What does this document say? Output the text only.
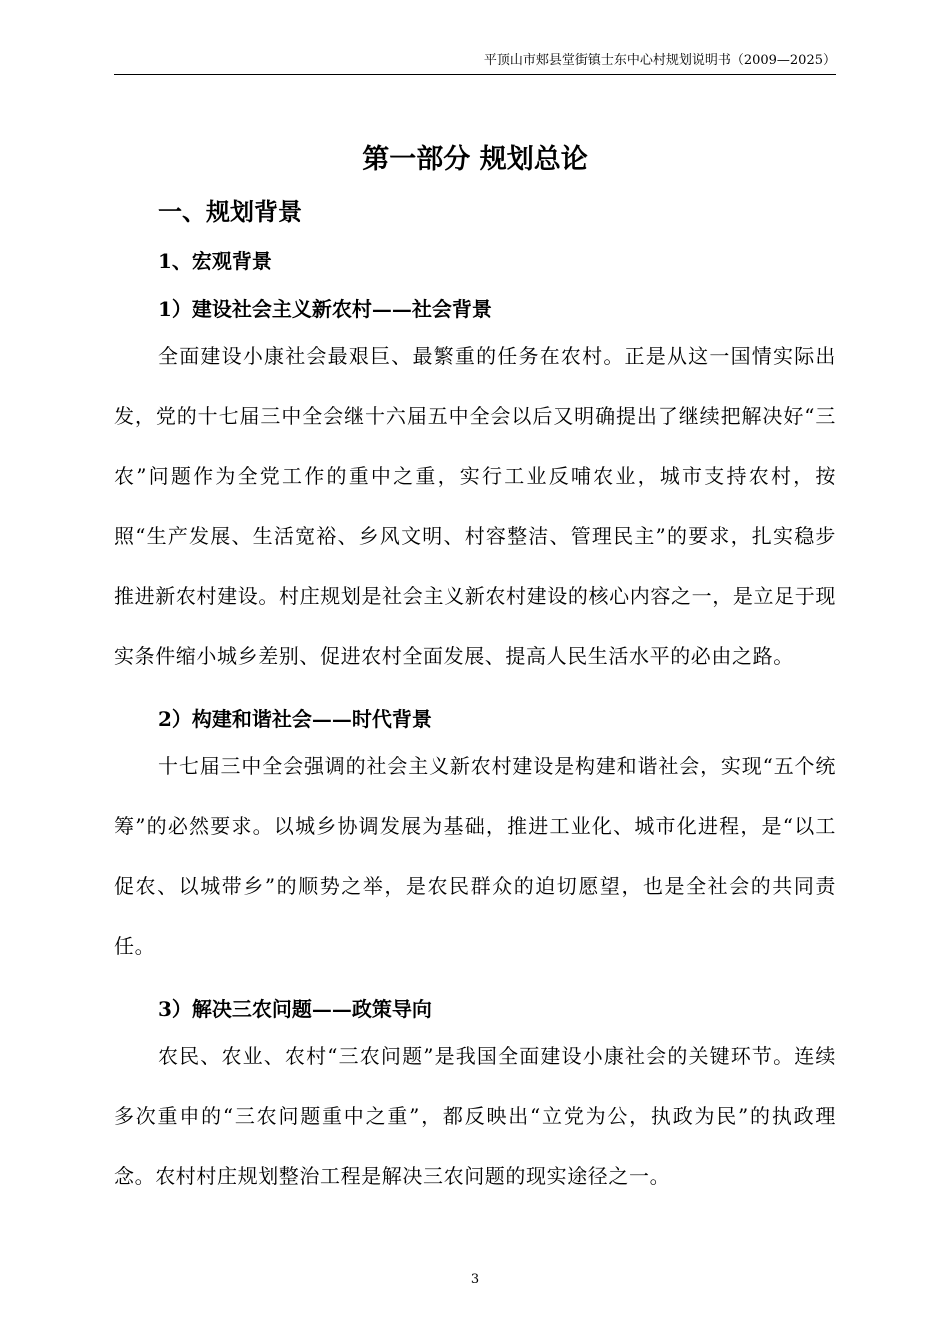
平顶山市郏县堂街镇士东中心村规划说明书（2009—2025）
第一部分 规划总论
一、规划背景
1、宏观背景
1）建设社会主义新农村——社会背景

全面建设小康社会最艰巨、最繁重的任务在农村。正是从这一国情实际出发，党的十七届三中全会继十六届五中全会以后又明确提出了继续把解决好“三农”问题作为全党工作的重中之重，实行工业反哺农业，城市支持农村，按照“生产发展、生活宽裕、乡风文明、村容整洁、管理民主”的要求，扎实稳步推进新农村建设。村庄规划是社会主义新农村建设的核心内容之一，是立足于现实条件缩小城乡差别、促进农村全面发展、提高人民生活水平的必由之路。

2）构建和谐社会——时代背景

十七届三中全会强调的社会主义新农村建设是构建和谐社会，实现“五个统筹”的必然要求。以城乡协调发展为基础，推进工业化、城市化进程，是“以工促农、以城带乡”的顺势之举，是农民群众的迫切愿望，也是全社会的共同责任。

3）解决三农问题——政策导向

农民、农业、农村“三农问题”是我国全面建设小康社会的关键环节。连续多次重申的“三农问题重中之重”，都反映出“立党为公，执政为民”的执政理念。农村村庄规划整治工程是解决三农问题的现实途径之一。

3
